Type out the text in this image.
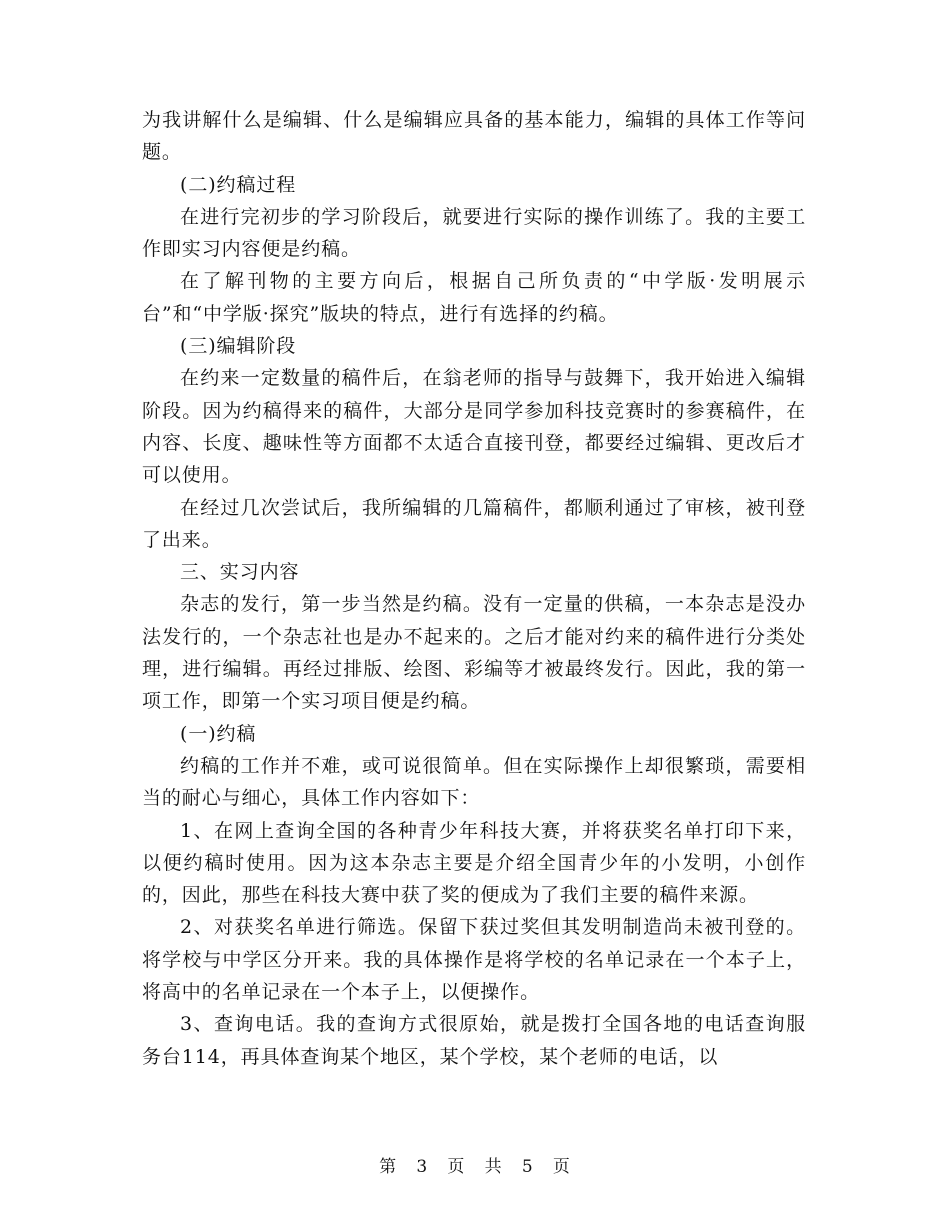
为我讲解什么是编辑、什么是编辑应具备的基本能力，编辑的具体工作等问题。

(二)约稿过程

在进行完初步的学习阶段后，就要进行实际的操作训练了。我的主要工作即实习内容便是约稿。

在了解刊物的主要方向后，根据自己所负责的“中学版·发明展示台”和“中学版·探究”版块的特点，进行有选择的约稿。

(三)编辑阶段

在约来一定数量的稿件后，在翁老师的指导与鼓舞下，我开始进入编辑阶段。因为约稿得来的稿件，大部分是同学参加科技竞赛时的参赛稿件，在内容、长度、趣味性等方面都不太适合直接刊登，都要经过编辑、更改后才可以使用。

在经过几次尝试后，我所编辑的几篇稿件，都顺利通过了审核，被刊登了出来。

三、实习内容

杂志的发行，第一步当然是约稿。没有一定量的供稿，一本杂志是没办法发行的，一个杂志社也是办不起来的。之后才能对约来的稿件进行分类处理，进行编辑。再经过排版、绘图、彩编等才被最终发行。因此，我的第一项工作，即第一个实习项目便是约稿。

(一)约稿

约稿的工作并不难，或可说很简单。但在实际操作上却很繁琐，需要相当的耐心与细心，具体工作内容如下：

1、在网上查询全国的各种青少年科技大赛，并将获奖名单打印下来，以便约稿时使用。因为这本杂志主要是介绍全国青少年的小发明，小创作的，因此，那些在科技大赛中获了奖的便成为了我们主要的稿件来源。

2、对获奖名单进行筛选。保留下获过奖但其发明制造尚未被刊登的。将学校与中学区分开来。我的具体操作是将学校的名单记录在一个本子上，将高中的名单记录在一个本子上，以便操作。

3、查询电话。我的查询方式很原始，就是拨打全国各地的电话查询服务台114，再具体查询某个地区，某个学校，某个老师的电话，以

第 3 页 共 5 页
